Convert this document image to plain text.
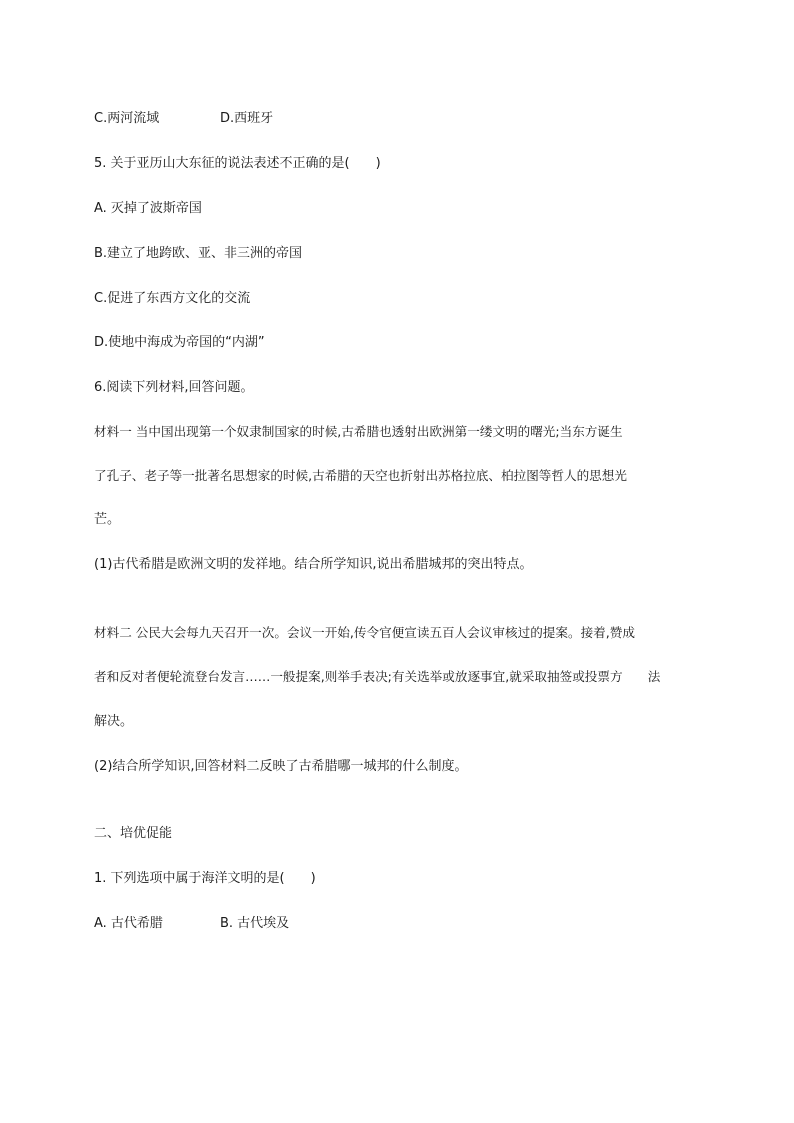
C.两河流域	D.西班牙
5. 关于亚历山大东征的说法表述不正确的是(　　)
A. 灭掉了波斯帝国
B.建立了地跨欧、亚、非三洲的帝国
C.促进了东西方文化的交流
D.使地中海成为帝国的“内湖”
6.阅读下列材料,回答问题。
材料一 当中国出现第一个奴隶制国家的时候,古希腊也透射出欧洲第一缕文明的曙光;当东方诞生
了孔子、老子等一批著名思想家的时候,古希腊的天空也折射出苏格拉底、柏拉图等哲人的思想光
芒。
(1)古代希腊是欧洲文明的发祥地。结合所学知识,说出希腊城邦的突出特点。
材料二 公民大会每九天召开一次。会议一开始,传令官便宣读五百人会议审核过的提案。接着,赞成
者和反对者便轮流登台发言……一般提案,则举手表决;有关选举或放逐事宜,就采取抽签或投票方　　法
解决。
(2)结合所学知识,回答材料二反映了古希腊哪一城邦的什么制度。
二、培优促能
1. 下列选项中属于海洋文明的是(　　)
A. 古代希腊	B. 古代埃及
